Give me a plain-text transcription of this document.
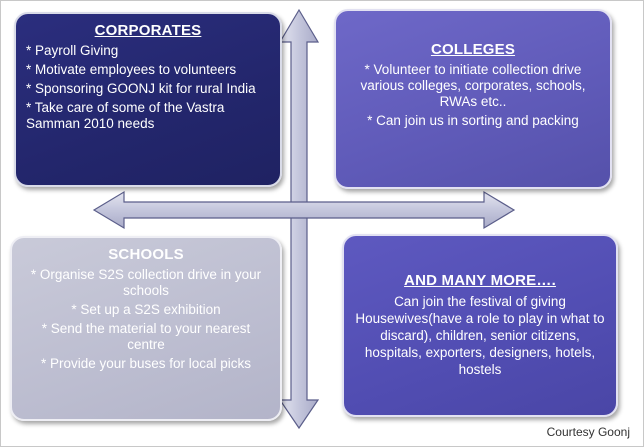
CORPORATES
* Payroll Giving
* Motivate employees to volunteers
* Sponsoring GOONJ kit for rural India
* Take care of some of the Vastra Samman 2010 needs
COLLEGES
* Volunteer to initiate collection drive various colleges, corporates, schools, RWAs etc..
* Can join us in sorting and packing
SCHOOLS
* Organise S2S collection drive in your schools
* Set up a S2S exhibition
* Send the material to your nearest centre
* Provide your buses for local picks
AND MANY MORE….
Can join the festival of giving Housewives(have a role to play in what to discard), children, senior citizens, hospitals, exporters, designers, hotels, hostels
Courtesy Goonj
